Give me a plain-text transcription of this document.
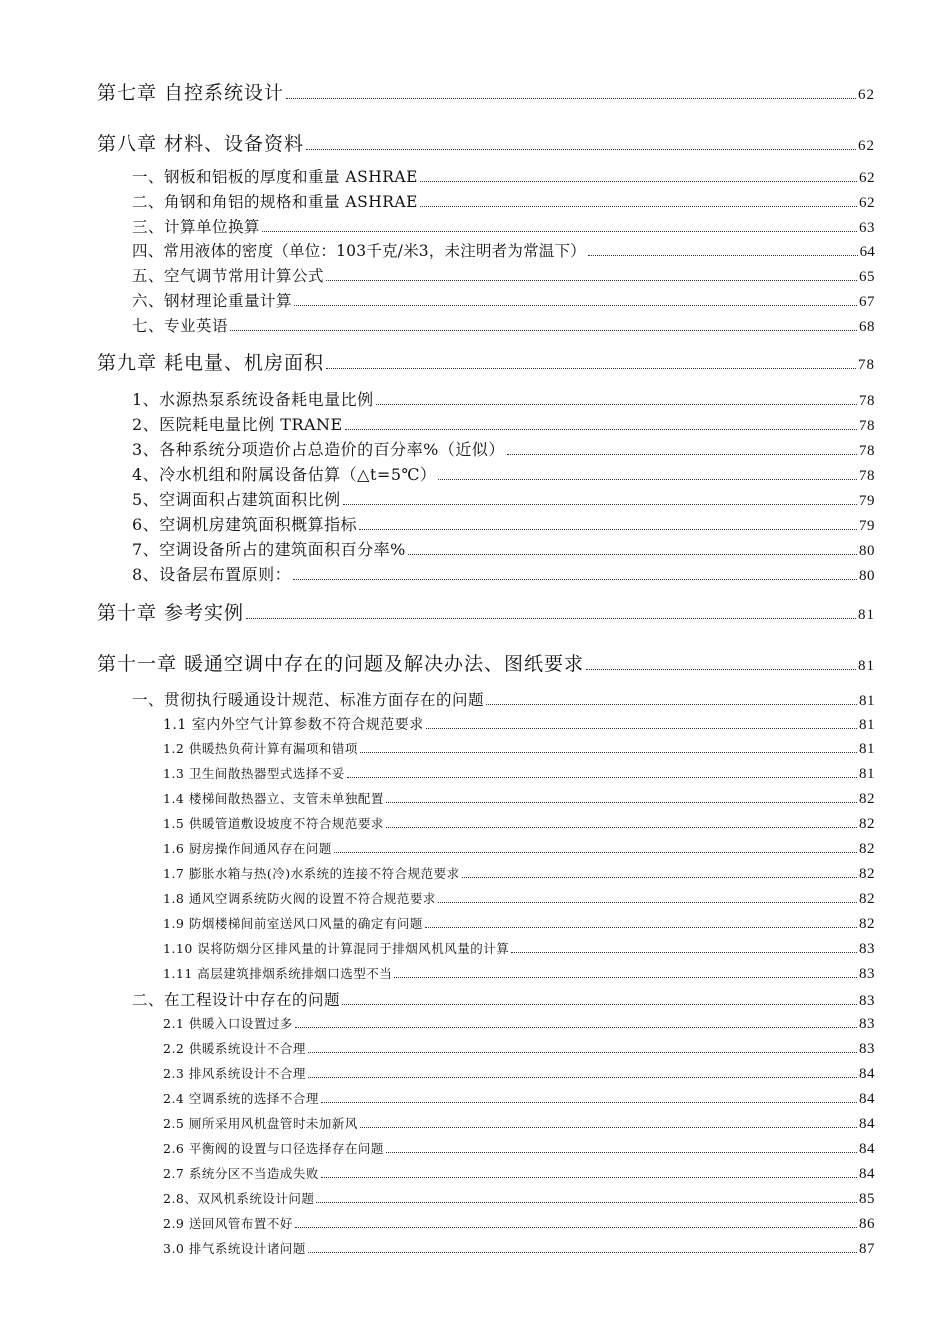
第七章 自控系统设计	62
第八章 材料、设备资料	62
一、钢板和铝板的厚度和重量 ASHRAE	62
二、角钢和角铝的规格和重量 ASHRAE	62
三、计算单位换算	63
四、常用液体的密度（单位：103千克/米3，未注明者为常温下）	64
五、空气调节常用计算公式	65
六、钢材理论重量计算	67
七、专业英语	68
第九章 耗电量、机房面积	78
1、水源热泵系统设备耗电量比例	78
2、医院耗电量比例 TRANE	78
3、各种系统分项造价占总造价的百分率%（近似）	78
4、冷水机组和附属设备估算（△t=5℃）	78
5、空调面积占建筑面积比例	79
6、空调机房建筑面积概算指标	79
7、空调设备所占的建筑面积百分率%	80
8、设备层布置原则：	80
第十章 参考实例	81
第十一章 暖通空调中存在的问题及解决办法、图纸要求	81
一、贯彻执行暖通设计规范、标准方面存在的问题	81
1.1 室内外空气计算参数不符合规范要求	81
1.2 供暖热负荷计算有漏项和错项	81
1.3 卫生间散热器型式选择不妥	81
1.4 楼梯间散热器立、支管未单独配置	82
1.5 供暖管道敷设坡度不符合规范要求	82
1.6 厨房操作间通风存在问题	82
1.7 膨胀水箱与热(冷)水系统的连接不符合规范要求	82
1.8 通风空调系统防火阀的设置不符合规范要求	82
1.9 防烟楼梯间前室送风口风量的确定有问题	82
1.10 误将防烟分区排风量的计算混同于排烟风机风量的计算	83
1.11 高层建筑排烟系统排烟口选型不当	83
二、在工程设计中存在的问题	83
2.1 供暖入口设置过多	83
2.2 供暖系统设计不合理	83
2.3 排风系统设计不合理	84
2.4 空调系统的选择不合理	84
2.5 厕所采用风机盘管时未加新风	84
2.6 平衡阀的设置与口径选择存在问题	84
2.7 系统分区不当造成失败	84
2.8、双风机系统设计问题	85
2.9 送回风管布置不好	86
3.0 排气系统设计诸问题	87
